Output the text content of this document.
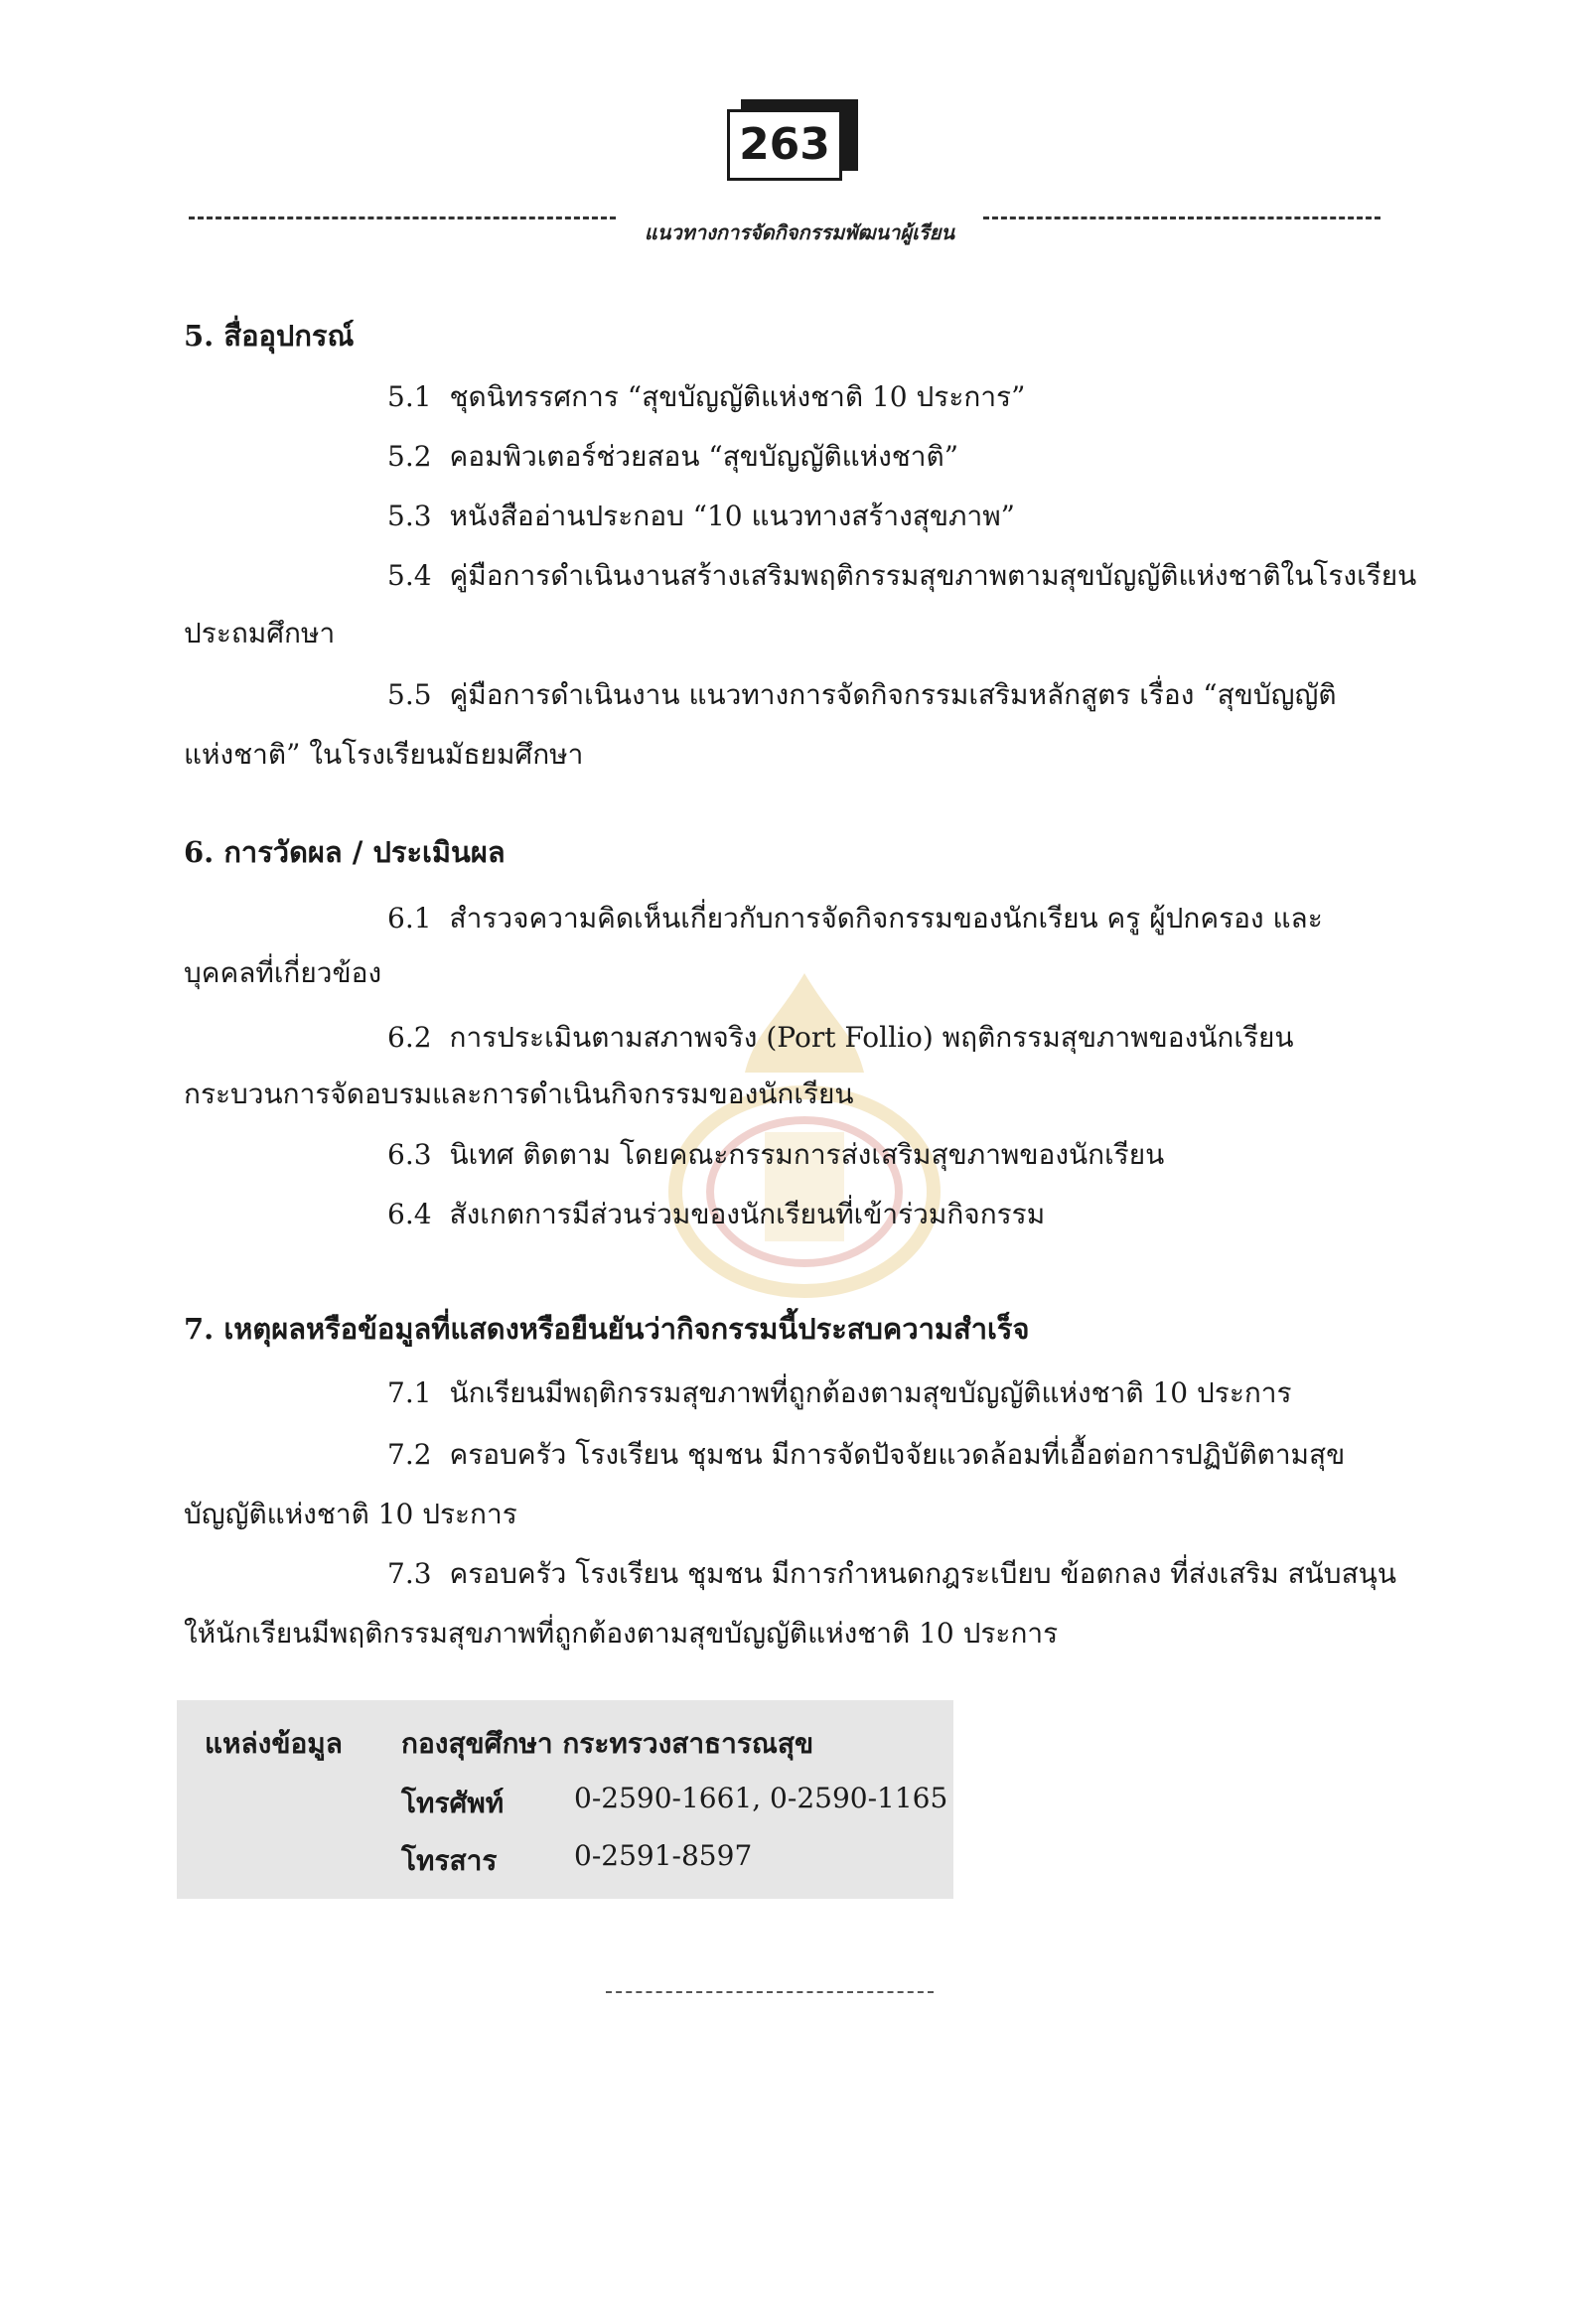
263
แนวทางการจัดกิจกรรมพัฒนาผู้เรียน
5. สื่ออุปกรณ์
5.1 ชุดนิทรรศการ “สุขบัญญัติแห่งชาติ 10 ประการ”
5.2 คอมพิวเตอร์ช่วยสอน “สุขบัญญัติแห่งชาติ”
5.3 หนังสืออ่านประกอบ “10 แนวทางสร้างสุขภาพ”
5.4 คู่มือการดำเนินงานสร้างเสริมพฤติกรรมสุขภาพตามสุขบัญญัติแห่งชาติในโรงเรียน
ประถมศึกษา
5.5 คู่มือการดำเนินงาน แนวทางการจัดกิจกรรมเสริมหลักสูตร เรื่อง “สุขบัญญัติ
แห่งชาติ” ในโรงเรียนมัธยมศึกษา
6. การวัดผล / ประเมินผล
6.1 สำรวจความคิดเห็นเกี่ยวกับการจัดกิจกรรมของนักเรียน ครู ผู้ปกครอง และ
บุคคลที่เกี่ยวข้อง
6.2 การประเมินตามสภาพจริง (Port Follio) พฤติกรรมสุขภาพของนักเรียน
กระบวนการจัดอบรมและการดำเนินกิจกรรมของนักเรียน
6.3 นิเทศ ติดตาม โดยคณะกรรมการส่งเสริมสุขภาพของนักเรียน
6.4 สังเกตการมีส่วนร่วมของนักเรียนที่เข้าร่วมกิจกรรม
7. เหตุผลหรือข้อมูลที่แสดงหรือยืนยันว่ากิจกรรมนี้ประสบความสำเร็จ
7.1 นักเรียนมีพฤติกรรมสุขภาพที่ถูกต้องตามสุขบัญญัติแห่งชาติ 10 ประการ
7.2 ครอบครัว โรงเรียน ชุมชน มีการจัดปัจจัยแวดล้อมที่เอื้อต่อการปฏิบัติตามสุข
บัญญัติแห่งชาติ 10 ประการ
7.3 ครอบครัว โรงเรียน ชุมชน มีการกำหนดกฎระเบียบ ข้อตกลง ที่ส่งเสริม สนับสนุน
ให้นักเรียนมีพฤติกรรมสุขภาพที่ถูกต้องตามสุขบัญญัติแห่งชาติ 10 ประการ
แหล่งข้อมูล กองสุขศึกษา กระทรวงสาธารณสุข
โทรศัพท์	0-2590-1661, 0-2590-1165
โทรสาร	0-2591-8597
